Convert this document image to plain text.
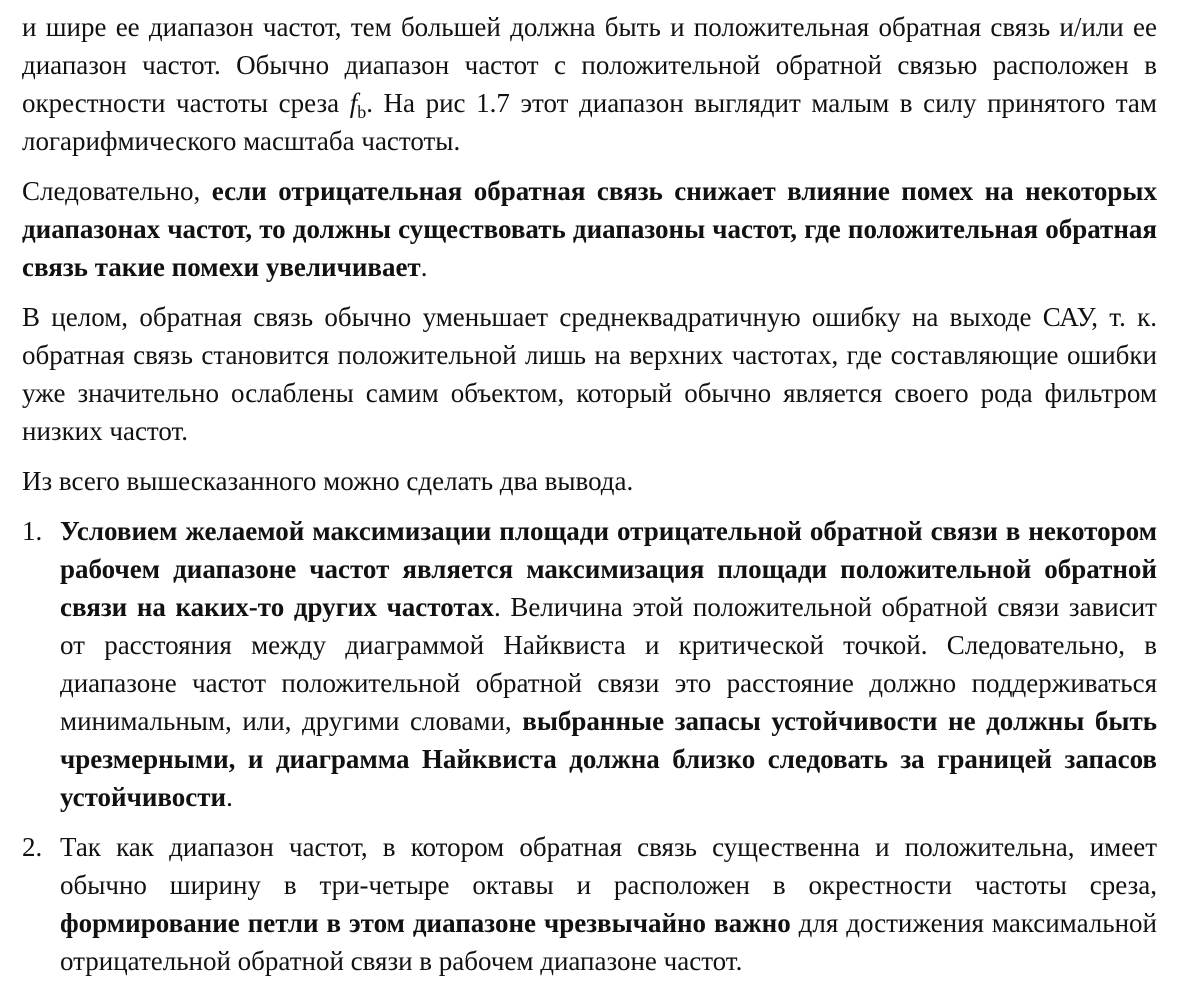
и шире ее диапазон частот, тем большей должна быть и положительная обратная связь и/или ее диапазон частот. Обычно диапазон частот с положительной обратной связью расположен в окрестности частоты среза $f_b$. На рис 1.7 этот диапазон выглядит малым в силу принятого там логарифмического масштаба частоты.

Следовательно, если отрицательная обратная связь снижает влияние помех на некоторых диапазонах частот, то должны существовать диапазоны частот, где положительная обратная связь такие помехи увеличивает.

В целом, обратная связь обычно уменьшает среднеквадратичную ошибку на выходе САУ, т. к. обратная связь становится положительной лишь на верхних частотах, где составляющие ошибки уже значительно ослаблены самим объектом, который обычно является своего рода фильтром низких частот.

Из всего вышесказанного можно сделать два вывода.

1. Условием желаемой максимизации площади отрицательной обратной связи в некотором рабочем диапазоне частот является максимизация площади положительной обратной связи на каких-то других частотах. Величина этой положительной обратной связи зависит от расстояния между диаграммой Найквиста и критической точкой. Следовательно, в диапазоне частот положительной обратной связи это расстояние должно поддерживаться минимальным, или, другими словами, выбранные запасы устойчивости не должны быть чрезмерными, и диаграмма Найквиста должна близко следовать за границей запасов устойчивости.
2. Так как диапазон частот, в котором обратная связь существенна и положительна, имеет обычно ширину в три-четыре октавы и расположен в окрестности частоты среза, формирование петли в этом диапазоне чрезвычайно важно для достижения максимальной отрицательной обратной связи в рабочем диапазоне частот.
